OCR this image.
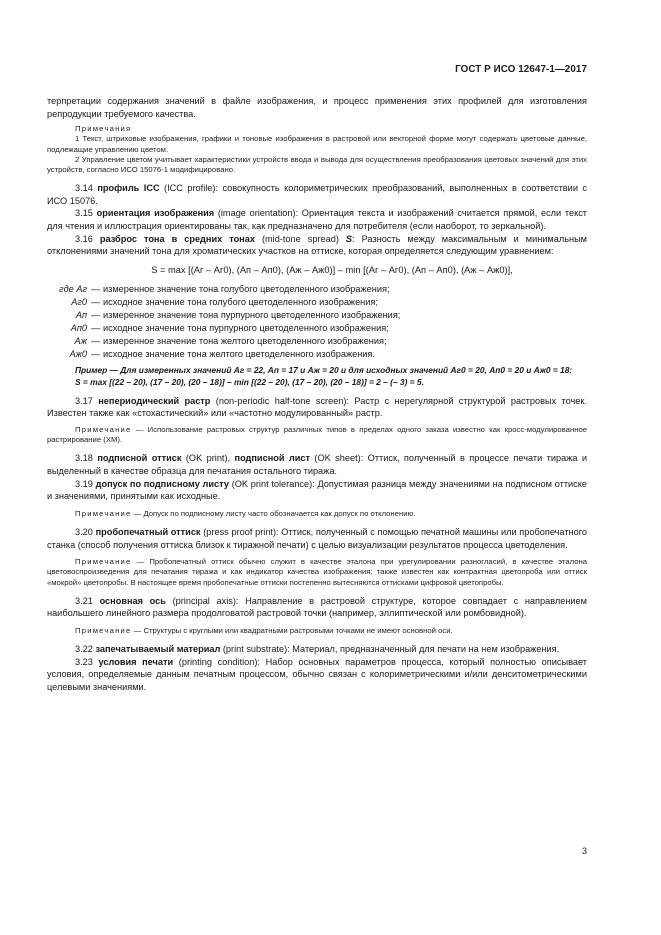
ГОСТ Р ИСО 12647-1—2017

терпретации содержания значений в файле изображения, и процесс применения этих профилей для изготовления репродукции требуемого качества.

Примечания

1 Текст, штриховые изображения, графики и тоновые изображения в растровой или векторной форме могут содержать цветовые данные, подлежащие управлению цветом.

2 Управление цветом учитывает характеристики устройств ввода и вывода для осуществления преобразования цветовых значений для этих устройств, согласно ИСО 15076-1 модифицировано.

3.14 профиль ICC (ICC profile): совокупность колориметрических преобразований, выполненных в соответствии с ИСО 15076.

3.15 ориентация изображения (image orientation): Ориентация текста и изображений считается прямой, если текст для чтения и иллюстрация ориентированы так, как предназначено для потребителя (если наоборот, то зеркальной).

3.16 разброс тона в средних тонах (mid-tone spread) S: Разность между максимальным и минимальным отклонениями значений тона для хроматических участков на оттиске, которая определяется следующим уравнением:

S = max [(Aг – Aг0), (Aп – Aп0), (Aж – Aж0)] – min [(Aг – Aг0), (Aп – Aп0), (Aж – Aж0)],
где Aг — измеренное значение тона голубого цветоделенного изображения;
Aг0 — исходное значение тона голубого цветоделенного изображения;
Aп — измеренное значение тона пурпурного цветоделенного изображения;
Aп0 — исходное значение тона пурпурного цветоделенного изображения;
Aж — измеренное значение тона желтого цветоделенного изображения;
Aж0 — исходное значение тона желтого цветоделенного изображения.

Пример — Для измеренных значений Aг = 22, Aп = 17 и Aж = 20 и для исходных значений Aг0 = 20, Aп0 = 20 и Aж0 = 18:

S = max [(22 – 20), (17 – 20), (20 – 18)] – min [(22 – 20), (17 – 20), (20 – 18)] = 2 – (– 3) = 5.

3.17 непериодический растр (non-periodic half-tone screen): Растр с нерегулярной структурой растровых точек. Известен также как «стохастический» или «частотно модулированный» растр.

Примечание — Использование растровых структур различных типов в пределах одного заказа известно как кросс-модулированное растрирование (ХМ).

3.18 подписной оттиск (OK print), подписной лист (OK sheet): Оттиск, полученный в процессе печати тиража и выделенный в качестве образца для печатания остального тиража.

3.19 допуск по подписному листу (OK print tolerance): Допустимая разница между значениями на подписном оттиске и значениями, принятыми как исходные.

Примечание — Допуск по подписному листу часто обозначается как допуск по отклонению.

3.20 пробопечатный оттиск (press proof print): Оттиск, полученный с помощью печатной машины или пробопечатного станка (способ получения оттиска близок к тиражной печати) с целью визуализации результатов процесса цветоделения.

Примечание — Пробопечатный оттиск обычно служит в качестве эталона при урегулировании разногласий, в качестве эталона цветовоспроизведения для печатания тиража и как индикатор качества изображения; также известен как контрактная цветопроба или оттиск «мокрой» цветопробы. В настоящее время пробопечатные оттиски постепенно вытесняются оттисками цифровой цветопробы.

3.21 основная ось (principal axis): Направление в растровой структуре, которое совпадает с направлением наибольшего линейного размера продолговатой растровой точки (например, эллиптической или ромбовидной).

Примечание — Структуры с круглыми или квадратными растровыми точками не имеют основной оси.

3.22 запечатываемый материал (print substrate): Материал, предназначенный для печати на нем изображения.

3.23 условия печати (printing condition): Набор основных параметров процесса, который полностью описывает условия, определяемые данным печатным процессом, обычно связан с колориметрическими и/или денситометрическими целевыми значениями.

3
